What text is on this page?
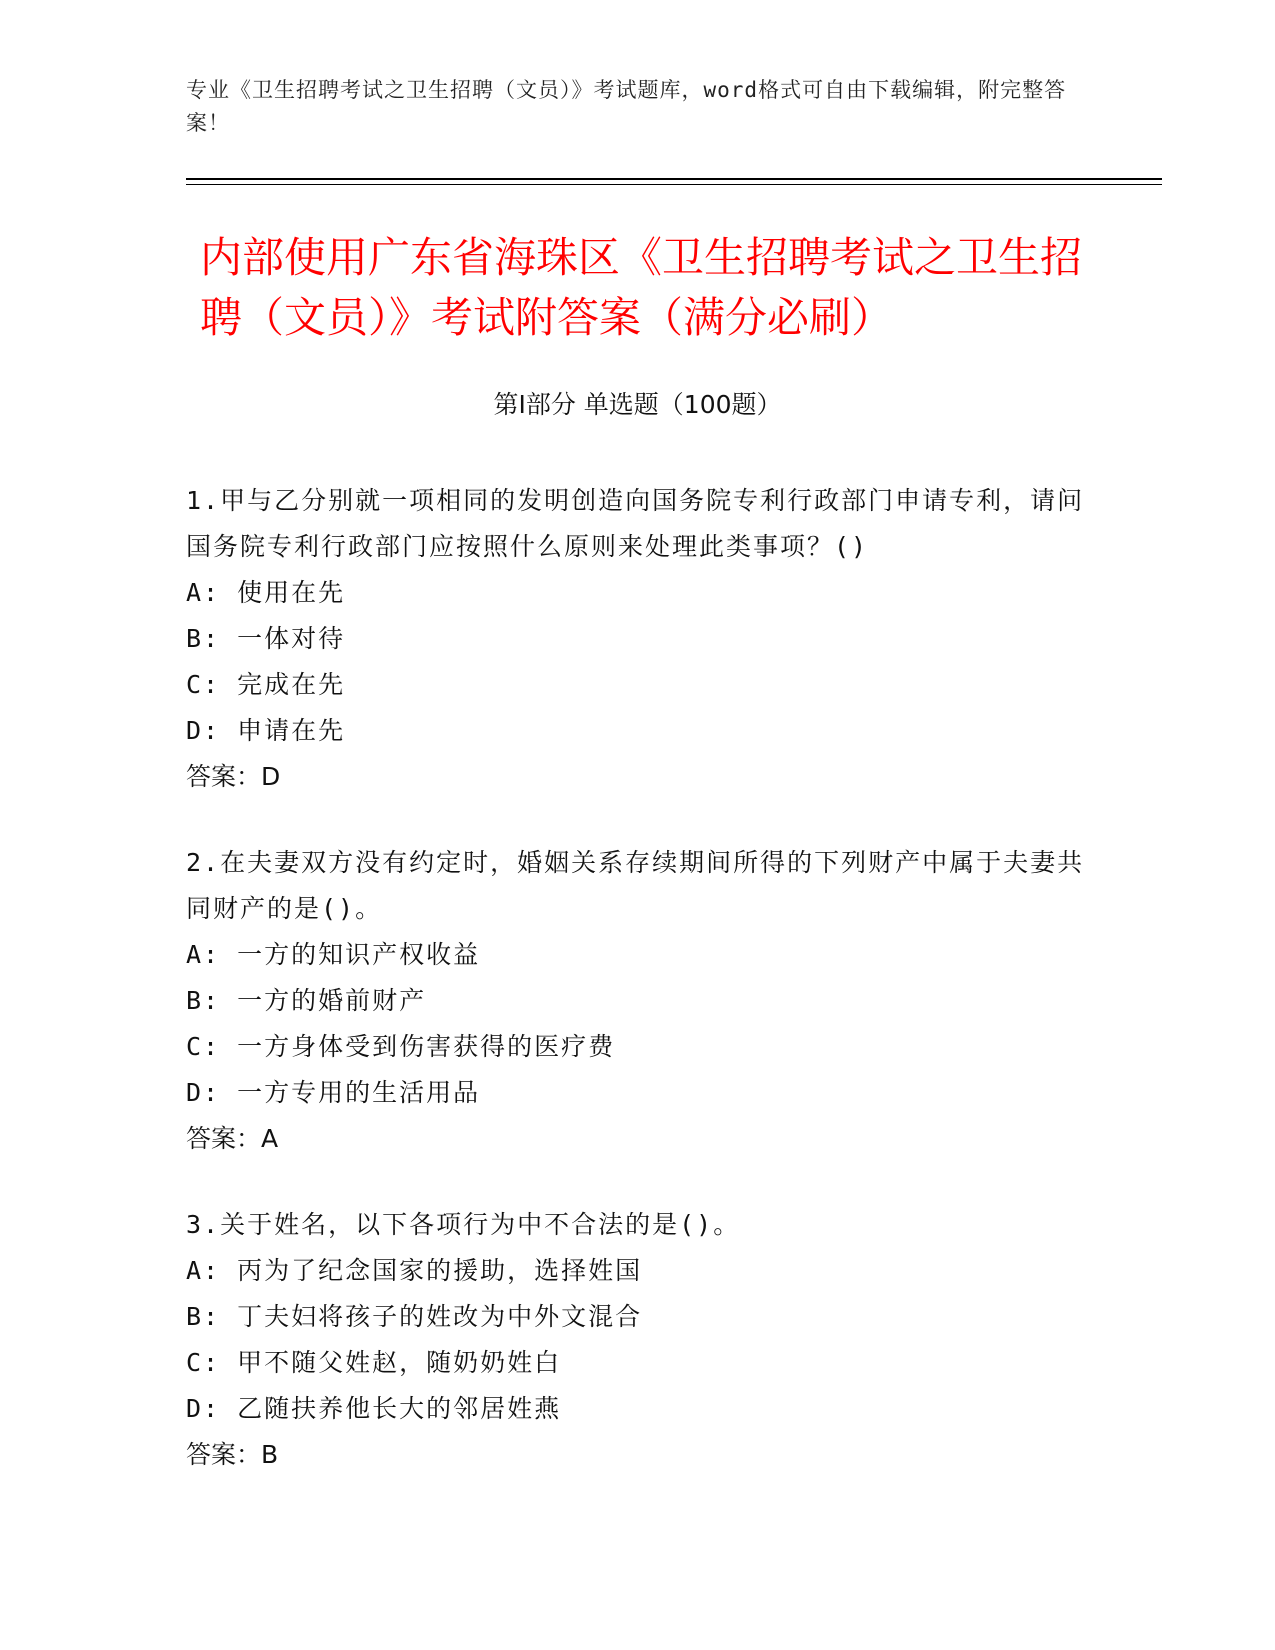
专业《卫生招聘考试之卫生招聘（文员）》考试题库，word格式可自由下载编辑，附完整答案！
内部使用广东省海珠区《卫生招聘考试之卫生招聘（文员）》考试附答案（满分必刷）
第Ⅰ部分 单选题（100题）
1.甲与乙分别就一项相同的发明创造向国务院专利行政部门申请专利，请问国务院专利行政部门应按照什么原则来处理此类事项？()
A: 使用在先
B: 一体对待
C: 完成在先
D: 申请在先
答案：D
2.在夫妻双方没有约定时，婚姻关系存续期间所得的下列财产中属于夫妻共同财产的是()。
A: 一方的知识产权收益
B: 一方的婚前财产
C: 一方身体受到伤害获得的医疗费
D: 一方专用的生活用品
答案：A
3.关于姓名，以下各项行为中不合法的是()。
A: 丙为了纪念国家的援助，选择姓国
B: 丁夫妇将孩子的姓改为中外文混合
C: 甲不随父姓赵，随奶奶姓白
D: 乙随扶养他长大的邻居姓燕
答案：B
